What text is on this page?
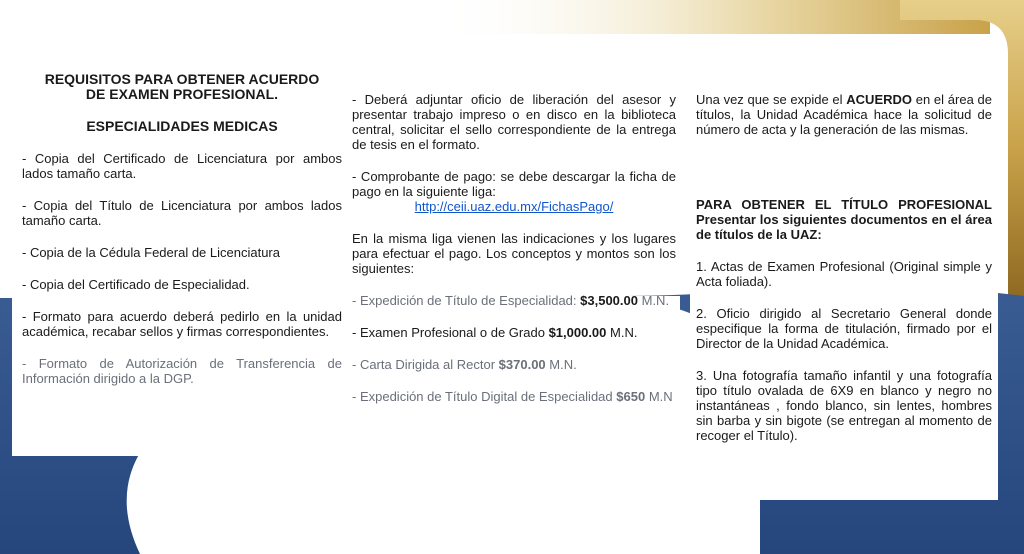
REQUISITOS PARA OBTENER ACUERDO

DE EXAMEN PROFESIONAL.

ESPECIALIDADES MEDICAS

- Copia del Certificado de Licenciatura por ambos lados tamaño carta.

- Copia del Título de Licenciatura por ambos lados tamaño carta.

- Copia de la Cédula Federal de Licenciatura

- Copia del Certificado de Especialidad.

- Formato para acuerdo deberá pedirlo en la unidad académica, recabar sellos y firmas correspondientes.

- Formato de Autorización de Transferencia de Información dirigido a la DGP.

- Deberá adjuntar oficio de liberación del asesor y presentar trabajo impreso o en disco en la biblioteca central, solicitar el sello correspondiente de la entrega de tesis en el formato.

- Comprobante de pago: se debe descargar la ficha de pago en la siguiente liga:

http://ceii.uaz.edu.mx/FichasPago/

En la misma liga vienen las indicaciones y los lugares para efectuar el pago. Los conceptos y montos son los siguientes:

- Expedición de Título de Especialidad: $3,500.00 M.N.

- Examen Profesional o de Grado $1,000.00 M.N.

- Carta Dirigida al Rector $370.00 M.N.

- Expedición de Título Digital de Especialidad $650 M.N

Una vez que se expide el ACUERDO en el área de títulos, la Unidad Académica hace la solicitud de número de acta y la generación de las mismas.

PARA OBTENER EL TÍTULO PROFESIONAL Presentar los siguientes documentos en el área de títulos de la UAZ:

1. Actas de Examen Profesional (Original simple y Acta foliada).

2. Oficio dirigido al Secretario General donde especifique la forma de titulación, firmado por el Director de la Unidad Académica.

3. Una fotografía tamaño infantil y una fotografía tipo título ovalada de 6X9 en blanco y negro no instantáneas , fondo blanco, sin lentes, hombres sin barba y sin bigote (se entregan al momento de recoger el Título).
